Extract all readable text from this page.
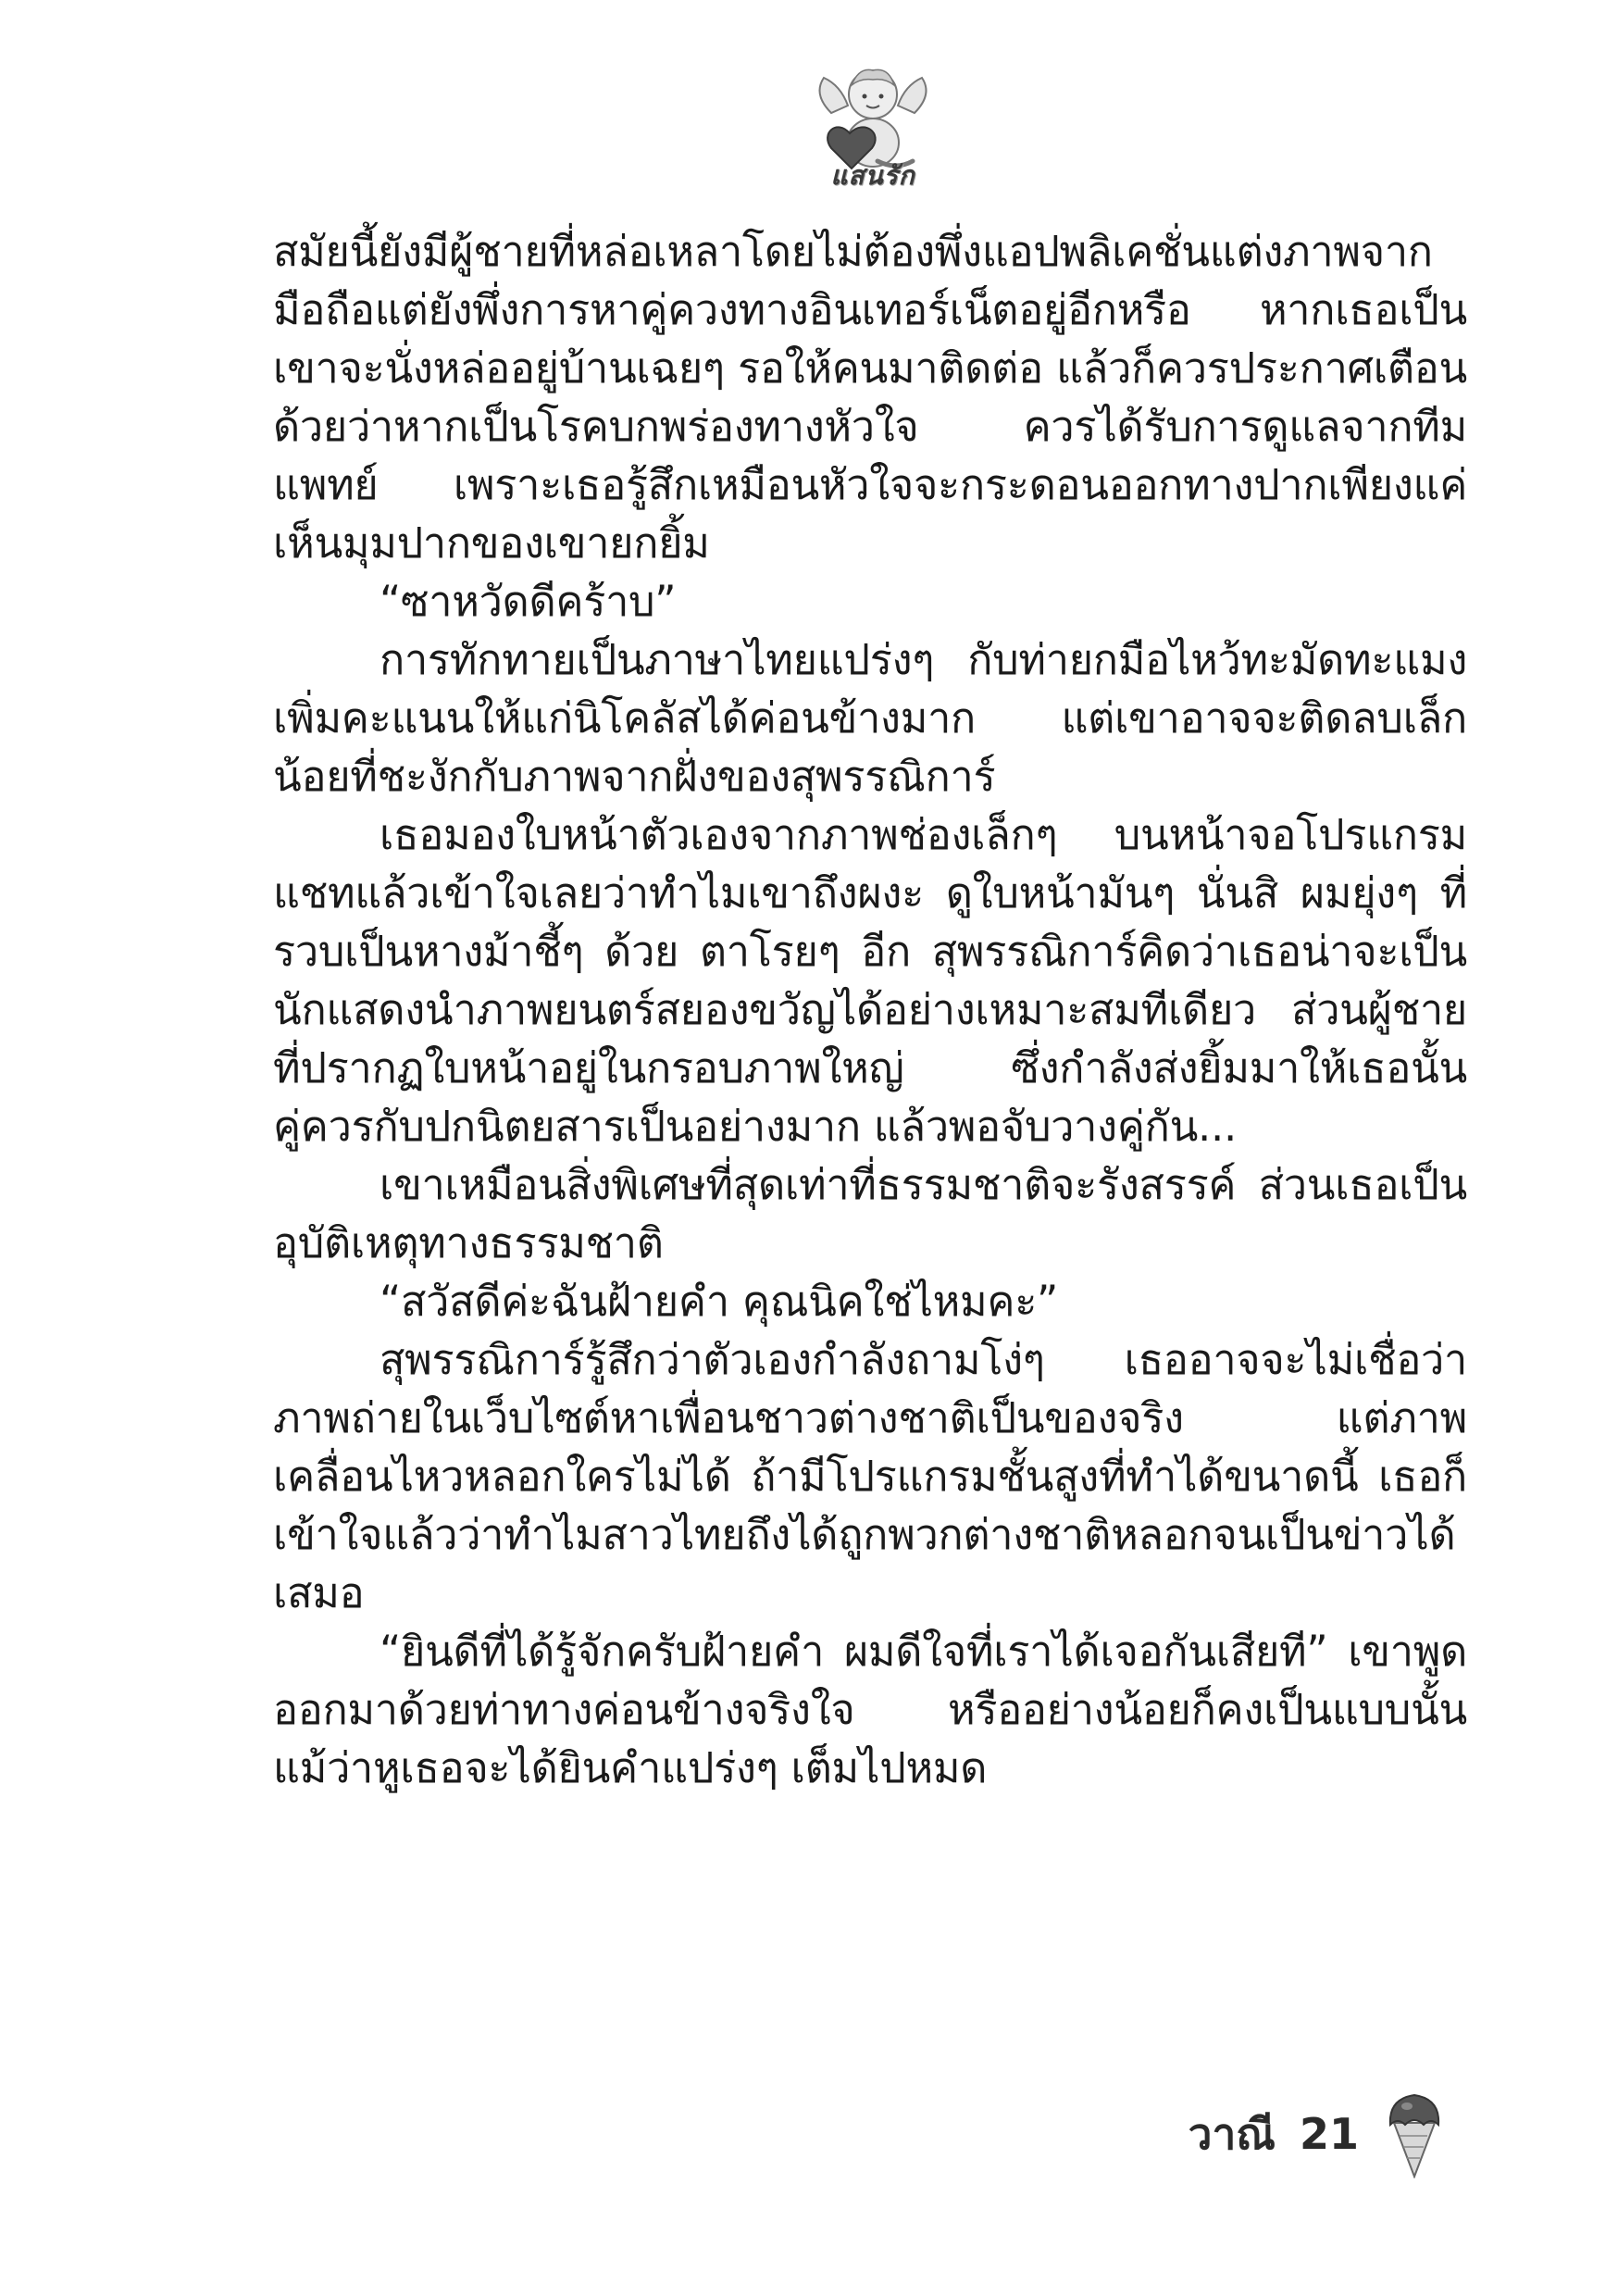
แสนรัก

สมัยนี้ยังมีผู้ชายที่หล่อเหลาโดยไม่ต้องพึ่งแอปพลิเคชั่นแต่งภาพจากมือถือแต่ยังพึ่งการหาคู่ควงทางอินเทอร์เน็ตอยู่อีกหรือ หากเธอเป็นเขาจะนั่งหล่ออยู่บ้านเฉยๆ รอให้คนมาติดต่อ แล้วก็ควรประกาศเตือนด้วยว่าหากเป็นโรคบกพร่องทางหัวใจ ควรได้รับการดูแลจากทีมแพทย์ เพราะเธอรู้สึกเหมือนหัวใจจะกระดอนออกทางปากเพียงแค่เห็นมุมปากของเขายกยิ้ม

“ซาหวัดดีคร้าบ”

การทักทายเป็นภาษาไทยแปร่งๆ กับท่ายกมือไหว้ทะมัดทะแมงเพิ่มคะแนนให้แก่นิโคลัสได้ค่อนข้างมาก แต่เขาอาจจะติดลบเล็กน้อยที่ชะงักกับภาพจากฝั่งของสุพรรณิการ์

เธอมองใบหน้าตัวเองจากภาพช่องเล็กๆ บนหน้าจอโปรแกรมแชทแล้วเข้าใจเลยว่าทำไมเขาถึงผงะ ดูใบหน้ามันๆ นั่นสิ ผมยุ่งๆ ที่รวบเป็นหางม้าชี้ๆ ด้วย ตาโรยๆ อีก สุพรรณิการ์คิดว่าเธอน่าจะเป็นนักแสดงนำภาพยนตร์สยองขวัญได้อย่างเหมาะสมทีเดียว ส่วนผู้ชายที่ปรากฏใบหน้าอยู่ในกรอบภาพใหญ่ ซึ่งกำลังส่งยิ้มมาให้เธอนั้นคู่ควรกับปกนิตยสารเป็นอย่างมาก แล้วพอจับวางคู่กัน...

เขาเหมือนสิ่งพิเศษที่สุดเท่าที่ธรรมชาติจะรังสรรค์ ส่วนเธอเป็นอุบัติเหตุทางธรรมชาติ

“สวัสดีค่ะฉันฝ้ายคำ คุณนิคใช่ไหมคะ”

สุพรรณิการ์รู้สึกว่าตัวเองกำลังถามโง่ๆ เธออาจจะไม่เชื่อว่าภาพถ่ายในเว็บไซต์หาเพื่อนชาวต่างชาติเป็นของจริง แต่ภาพเคลื่อนไหวหลอกใครไม่ได้ ถ้ามีโปรแกรมชั้นสูงที่ทำได้ขนาดนี้ เธอก็เข้าใจแล้วว่าทำไมสาวไทยถึงได้ถูกพวกต่างชาติหลอกจนเป็นข่าวได้เสมอ

“ยินดีที่ได้รู้จักครับฝ้ายคำ ผมดีใจที่เราได้เจอกันเสียที” เขาพูดออกมาด้วยท่าทางค่อนข้างจริงใจ หรืออย่างน้อยก็คงเป็นแบบนั้น แม้ว่าหูเธอจะได้ยินคำแปร่งๆ เต็มไปหมด

วาณี 21
